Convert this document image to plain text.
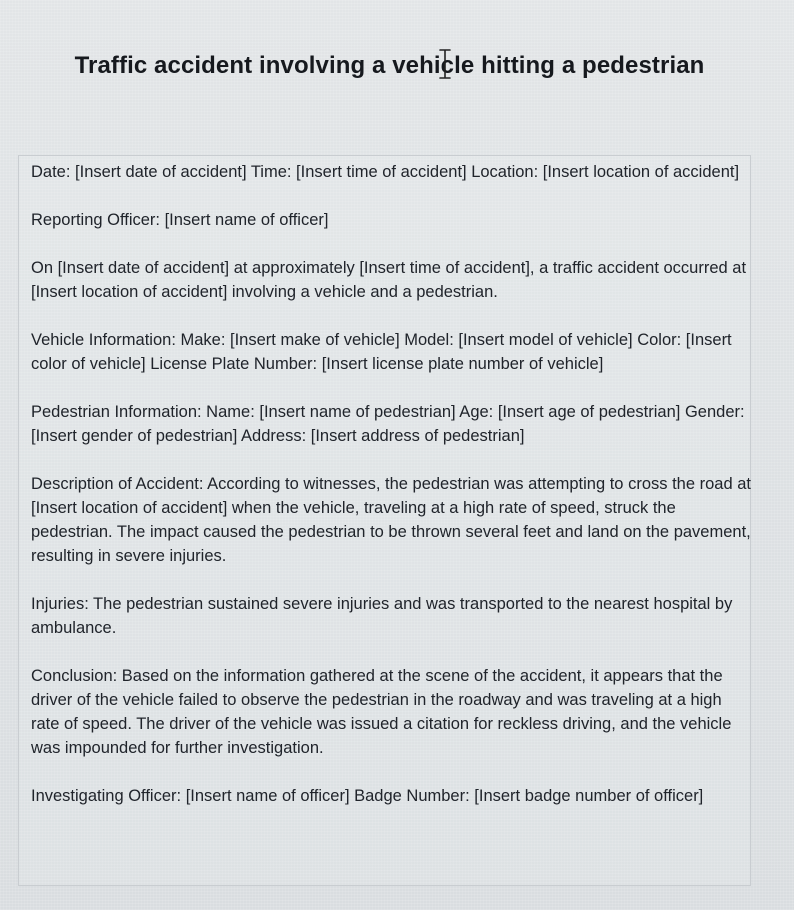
Traffic accident involving a vehicle hitting a pedestrian

Date: [Insert date of accident] Time: [Insert time of accident] Location: [Insert location of accident]

Reporting Officer: [Insert name of officer]

On [Insert date of accident] at approximately [Insert time of accident], a traffic accident occurred at [Insert location of accident] involving a vehicle and a pedestrian.

Vehicle Information: Make: [Insert make of vehicle] Model: [Insert model of vehicle] Color: [Insert color of vehicle] License Plate Number: [Insert license plate number of vehicle]

Pedestrian Information: Name: [Insert name of pedestrian] Age: [Insert age of pedestrian] Gender: [Insert gender of pedestrian] Address: [Insert address of pedestrian]

Description of Accident: According to witnesses, the pedestrian was attempting to cross the road at [Insert location of accident] when the vehicle, traveling at a high rate of speed, struck the pedestrian. The impact caused the pedestrian to be thrown several feet and land on the pavement, resulting in severe injuries.

Injuries: The pedestrian sustained severe injuries and was transported to the nearest hospital by ambulance.

Conclusion: Based on the information gathered at the scene of the accident, it appears that the driver of the vehicle failed to observe the pedestrian in the roadway and was traveling at a high rate of speed. The driver of the vehicle was issued a citation for reckless driving, and the vehicle was impounded for further investigation.

Investigating Officer: [Insert name of officer] Badge Number: [Insert badge number of officer]
